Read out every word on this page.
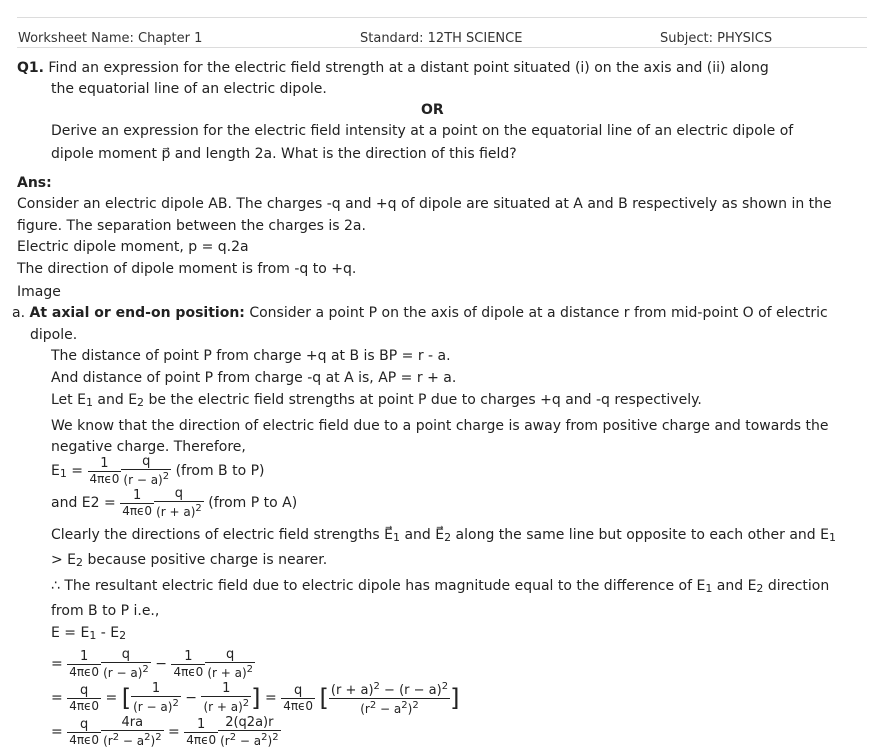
Worksheet Name: Chapter 1	Standard: 12TH SCIENCE	Subject: PHYSICS
Q1. Find an expression for the electric field strength at a distant point situated (i) on the axis and (ii) along
the equatorial line of an electric dipole.
OR
Derive an expression for the electric field intensity at a point on the equatorial line of an electric dipole of
dipole moment p⃗ and length 2a. What is the direction of this field?
Ans:
Consider an electric dipole AB. The charges -q and +q of dipole are situated at A and B respectively as shown in the
figure. The separation between the charges is 2a.
Electric dipole moment, p = q.2a
The direction of dipole moment is from -q to +q.
Image
a. At axial or end-on position: Consider a point P on the axis of dipole at a distance r from mid-point O of electric
dipole.
The distance of point P from charge +q at B is BP = r - a.
And distance of point P from charge -q at A is, AP = r + a.
Let $E_1$ and $E_2$ be the electric field strengths at point P due to charges +q and -q respectively.
We know that the direction of electric field due to a point charge is away from positive charge and towards the
negative charge. Therefore,
$E_1 = \frac{1}{4\pi\epsilon 0} \frac{q}{(r - a)^2}$ (from B to P)
and $E2 = \frac{1}{4\pi\epsilon 0} \frac{q}{(r + a)^2}$ (from P to A)
Clearly the directions of electric field strengths $E⃗_1$ and $E⃗_2$ along the same line but opposite to each other and $E_1$
> $E_2$ because positive charge is nearer.
∴ The resultant electric field due to electric dipole has magnitude equal to the difference of $E_1$ and $E_2$ direction
from B to P i.e.,
$E = E_1 - E_2$
= $\frac{1}{4\pi\epsilon 0} \frac{q}{(r - a)^2} - \frac{1}{4\pi\epsilon 0} \frac{q}{(r + a)^2}$
= $\frac{q}{4\pi\epsilon 0}$ = [ $\frac{1}{(r - a)^2} - \frac{1}{(r + a)^2}$ ] = $\frac{q}{4\pi\epsilon 0}$ [ $\frac{(r + a)^2 - (r - a)^2}{(r^2 - a^2)^2}$ ]
= $\frac{q}{4\pi\epsilon 0} \frac{4ra}{(r^2 - a^2)^2} = \frac{1}{4\pi\epsilon 0} \frac{2(q2a)r}{(r^2 - a^2)^2}$
